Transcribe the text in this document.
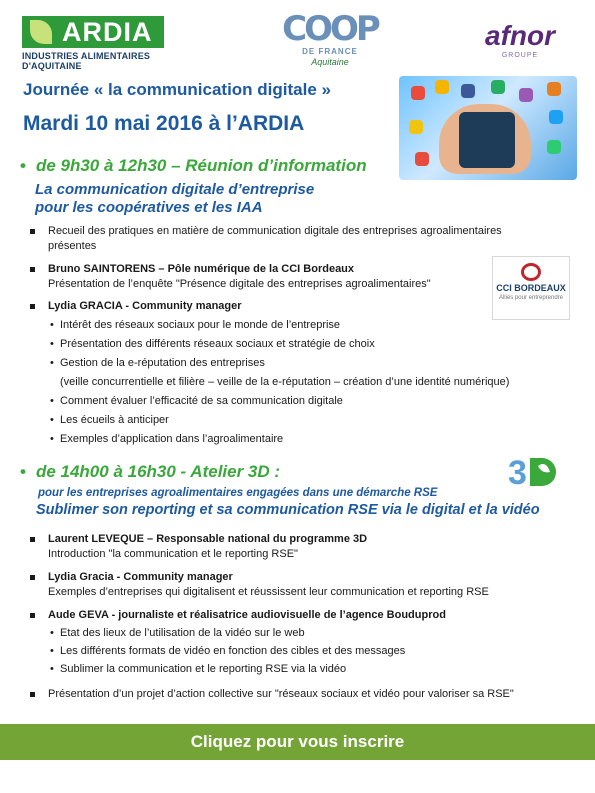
ARDIA
INDUSTRIES ALIMENTAIRES D'AQUITAINE
COOP
DE FRANCE
Aquitaine
afnor
GROUPE
Journée « la communication digitale »
Mardi 10 mai 2016 à l’ARDIA
• de 9h30 à 12h30 – Réunion d’information
La communication digitale d’entreprise
pour les coopératives et les IAA
Recueil des pratiques en matière de communication digitale des entreprises agroalimentaires
présentes
Bruno SAINTORENS – Pôle numérique de la CCI Bordeaux
Présentation de l’enquête "Présence digitale des entreprises agroalimentaires"	CCI BORDEAUX
Alliés pour entreprendre
Lydia GRACIA - Community manager
• Intérêt des réseaux sociaux pour le monde de l’entreprise
• Présentation des différents réseaux sociaux et stratégie de choix
• Gestion de la e-réputation des entreprises
(veille concurrentielle et filière – veille de la e-réputation – création d’une identité numérique)
• Comment évaluer l’efficacité de sa communication digitale
• Les écueils à anticiper
• Exemples d’application dans l’agroalimentaire
• de 14h00 à 16h30 - Atelier 3D :	3
pour les entreprises agroalimentaires engagées dans une démarche RSE
Sublimer son reporting et sa communication RSE via le digital et la vidéo
Laurent LEVEQUE – Responsable national du programme 3D
Introduction "la communication et le reporting RSE"
Lydia Gracia - Community manager
Exemples d’entreprises qui digitalisent et réussissent leur communication et reporting RSE
Aude GEVA - journaliste et réalisatrice audiovisuelle de l’agence Bouduprod
• Etat des lieux de l’utilisation de la vidéo sur le web
• Les différents formats de vidéo en fonction des cibles et des messages
• Sublimer la communication et le reporting RSE via la vidéo
Présentation d’un projet d’action collective sur "réseaux sociaux et vidéo pour valoriser sa RSE"
Cliquez pour vous inscrire
